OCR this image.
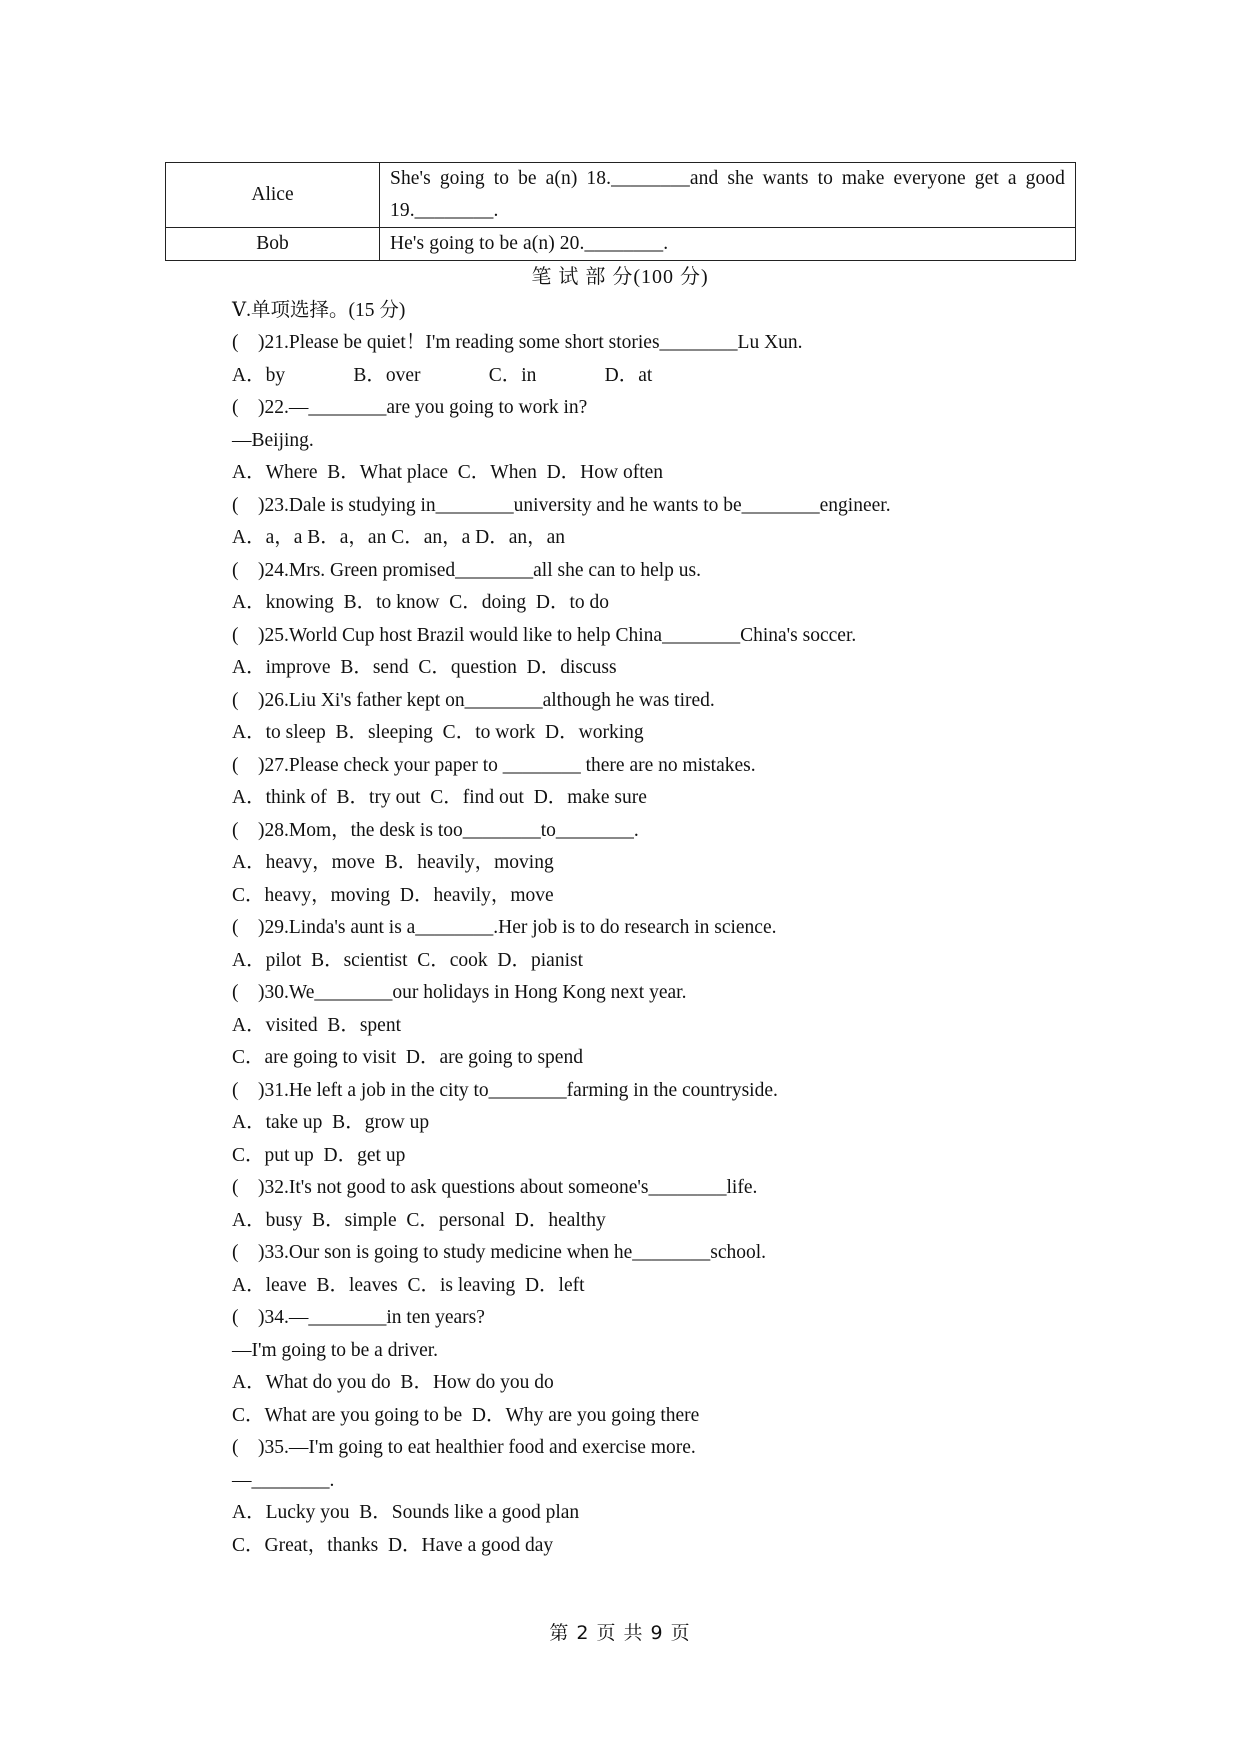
Alice	She's going to be a(n) 18.________and she wants to make everyone get a good 19.________.
Bob	He's going to be a(n) 20.________.
笔 试 部 分(100 分)
Ⅴ.单项选择。(15 分)
(    )21.Please be quiet！I'm reading some short stories________Lu Xun.
A．by              B．over              C．in              D．at
(    )22.—________are you going to work in?
—Beijing.
A．Where  B．What place  C．When  D．How often
(    )23.Dale is studying in________university and he wants to be________engineer.
A．a，a B．a，an C．an，a D．an，an
(    )24.Mrs. Green promised________all she can to help us.
A．knowing  B．to know  C．doing  D．to do
(    )25.World Cup host Brazil would like to help China________China's soccer.
A．improve  B．send  C．question  D．discuss
(    )26.Liu Xi's father kept on________although he was tired.
A．to sleep  B．sleeping  C．to work  D．working
(    )27.Please check your paper to ________ there are no mistakes.
A．think of  B．try out  C．find out  D．make sure
(    )28.Mom，the desk is too________to________.
A．heavy，move  B．heavily，moving
C．heavy，moving  D．heavily，move
(    )29.Linda's aunt is a________.Her job is to do research in science.
A．pilot  B．scientist  C．cook  D．pianist
(    )30.We________our holidays in Hong Kong next year.
A．visited  B．spent
C．are going to visit  D．are going to spend
(    )31.He left a job in the city to________farming in the countryside.
A．take up  B．grow up
C．put up  D．get up
(    )32.It's not good to ask questions about someone's________life.
A．busy  B．simple  C．personal  D．healthy
(    )33.Our son is going to study medicine when he________school.
A．leave  B．leaves  C．is leaving  D．left
(    )34.—________in ten years?
—I'm going to be a driver.
A．What do you do  B．How do you do
C．What are you going to be  D．Why are you going there
(    )35.—I'm going to eat healthier food and exercise more.
—________.
A．Lucky you  B．Sounds like a good plan
C．Great，thanks  D．Have a good day
第 2 页 共 9 页
